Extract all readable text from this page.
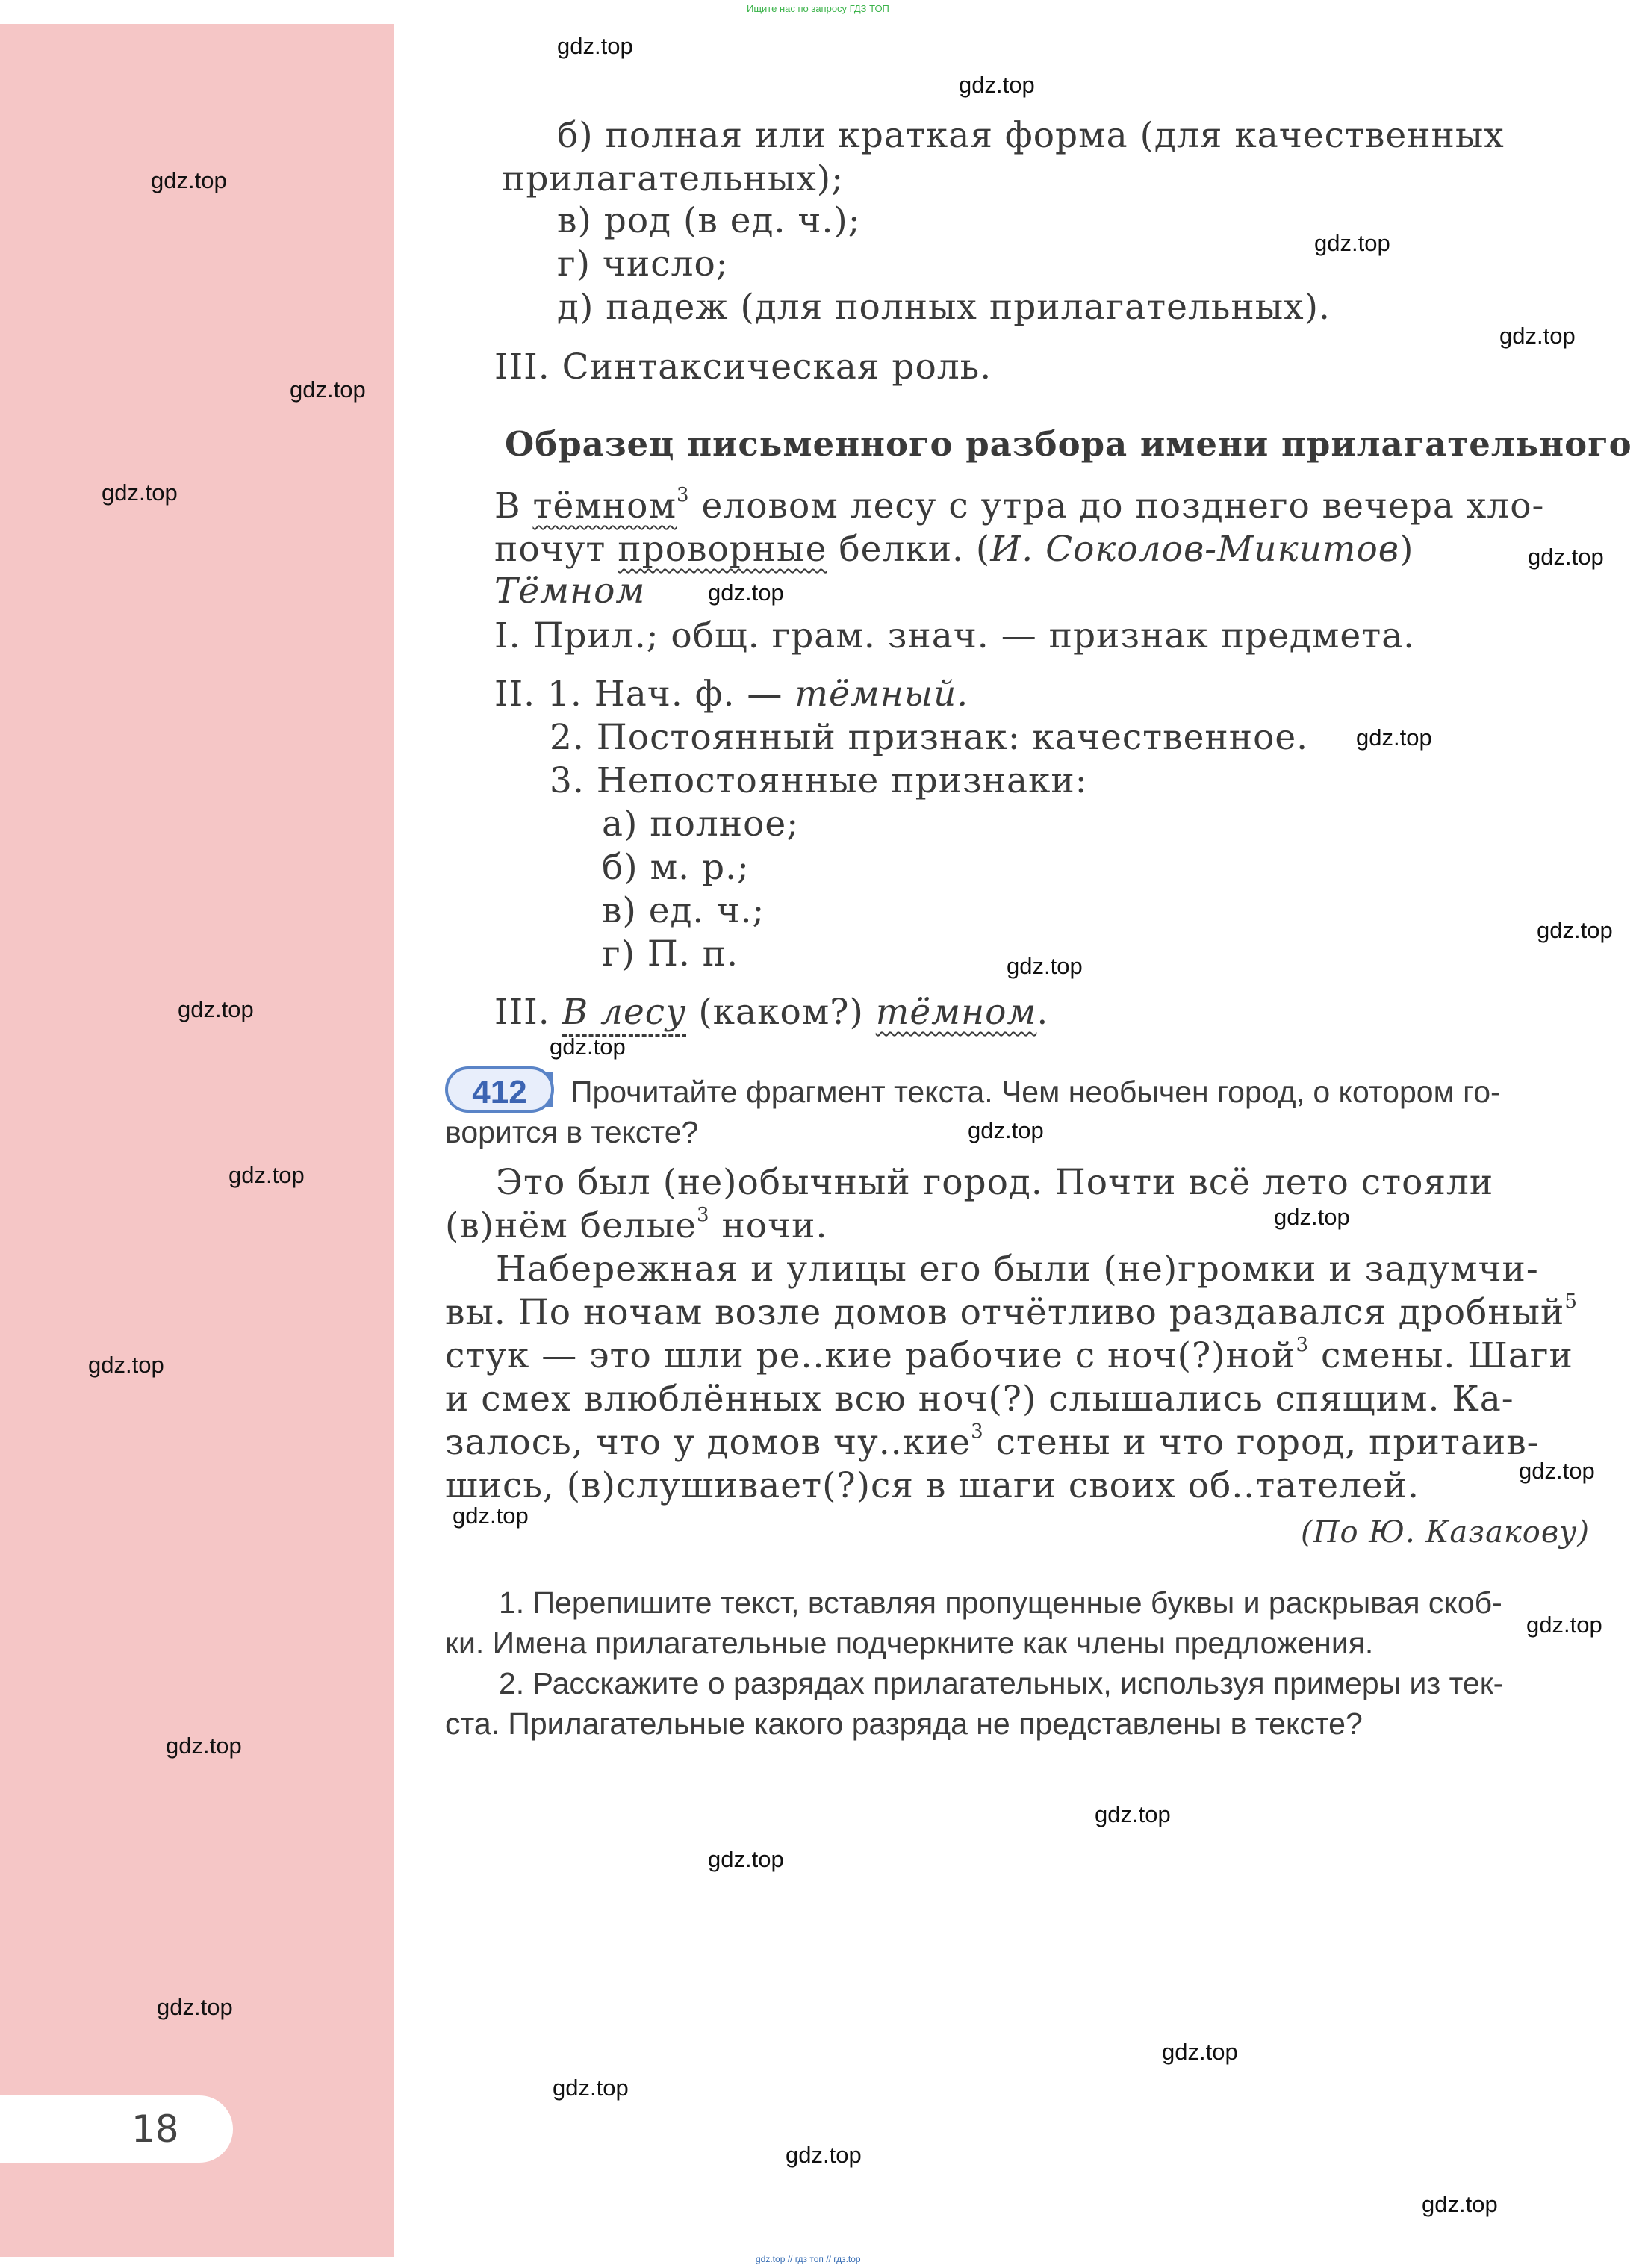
18
Ищите нас по запросу ГДЗ ТОП
gdz.top // гдз топ // гдз.top
б) полная или краткая форма (для качественных
прилагательных);
в) род (в ед. ч.);
г) число;
д) падеж (для полных прилагательных).
III. Синтаксическая роль.
Образец письменного разбора имени прилагательного
В тёмном$^3$ еловом лесу с утра до позднего вечера хло-
почут проворные белки. (И. Соколов-Микитов)
Тёмном
I. Прил.; общ. грам. знач. — признак предмета.
II. 1. Нач. ф. — тёмный.
2. Постоянный признак: качественное.
3. Непостоянные признаки:
а) полное;
б) м. р.;
в) ед. ч.;
г) П. п.
III. В лесу (каком?) тёмном.
412	Прочитайте фрагмент текста. Чем необычен город, о котором го-
ворится в тексте?
Это был (не)обычный город. Почти всё лето стояли
(в)нём белые$^3$ ночи.
Набережная и улицы его были (не)громки и задумчи-
вы. По ночам возле домов отчётливо раздавался дробный$^5$
стук — это шли ре..кие рабочие с ноч(?)ной$^3$ смены. Шаги
и смех влюблённых всю ноч(?) слышались спящим. Ка-
залось, что у домов чу..кие$^3$ стены и что город, притаив-
шись, (в)слушивает(?)ся в шаги своих об..тателей.
(По Ю. Казакову)
1. Перепишите текст, вставляя пропущенные буквы и раскрывая скоб-
ки. Имена прилагательные подчеркните как члены предложения.
2. Расскажите о разрядах прилагательных, используя примеры из тек-
ста. Прилагательные какого разряда не представлены в тексте?
gdz.top
gdz.top
gdz.top
gdz.top
gdz.top
gdz.top
gdz.top
gdz.top
gdz.top
gdz.top
gdz.top
gdz.top
gdz.top
gdz.top
gdz.top
gdz.top
gdz.top
gdz.top
gdz.top
gdz.top
gdz.top
gdz.top
gdz.top
gdz.top
gdz.top
gdz.top
gdz.top
gdz.top
gdz.top
